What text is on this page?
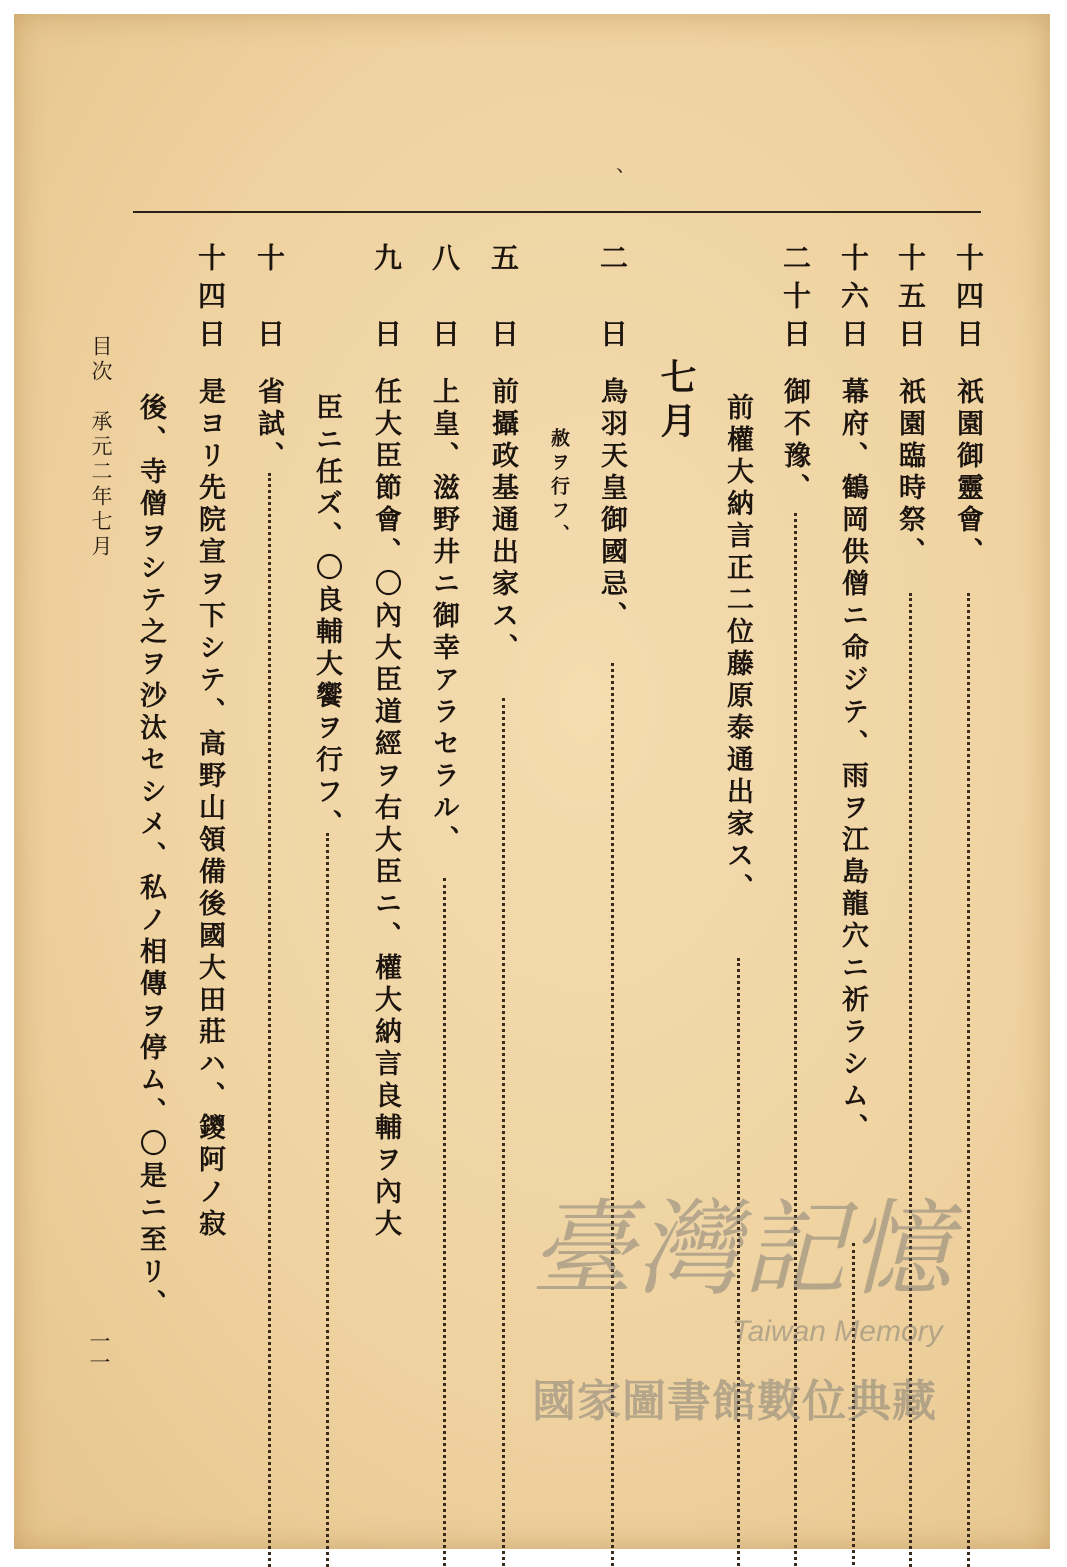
、
十四日
祇園御靈會、
十五日
祇園臨時祭、
十六日
幕府、鶴岡供僧ニ命ジテ、雨ヲ江島龍穴ニ祈ラシム、
二十日
御不豫、
前權大納言正二位藤原泰通出家ス、
七月
二日
鳥羽天皇御國忌、
赦ヲ行フ、
五日
前攝政基通出家ス、
八日
上皇、滋野井ニ御幸アラセラル、
九日
任大臣節會、〇內大臣道經ヲ右大臣ニ、權大納言良輔ヲ內大
臣ニ任ズ、〇良輔大饗ヲ行フ、
十日
省試、
十四日
是ヨリ先院宣ヲ下シテ、高野山領備後國大田莊ハ、鑁阿ノ寂
後、寺僧ヲシテ之ヲ沙汰セシメ、私ノ相傳ヲ停ム、〇是ニ至リ、
目次　承元二年七月
一一
臺灣記憶
Taiwan Memory
國家圖書館數位典藏
